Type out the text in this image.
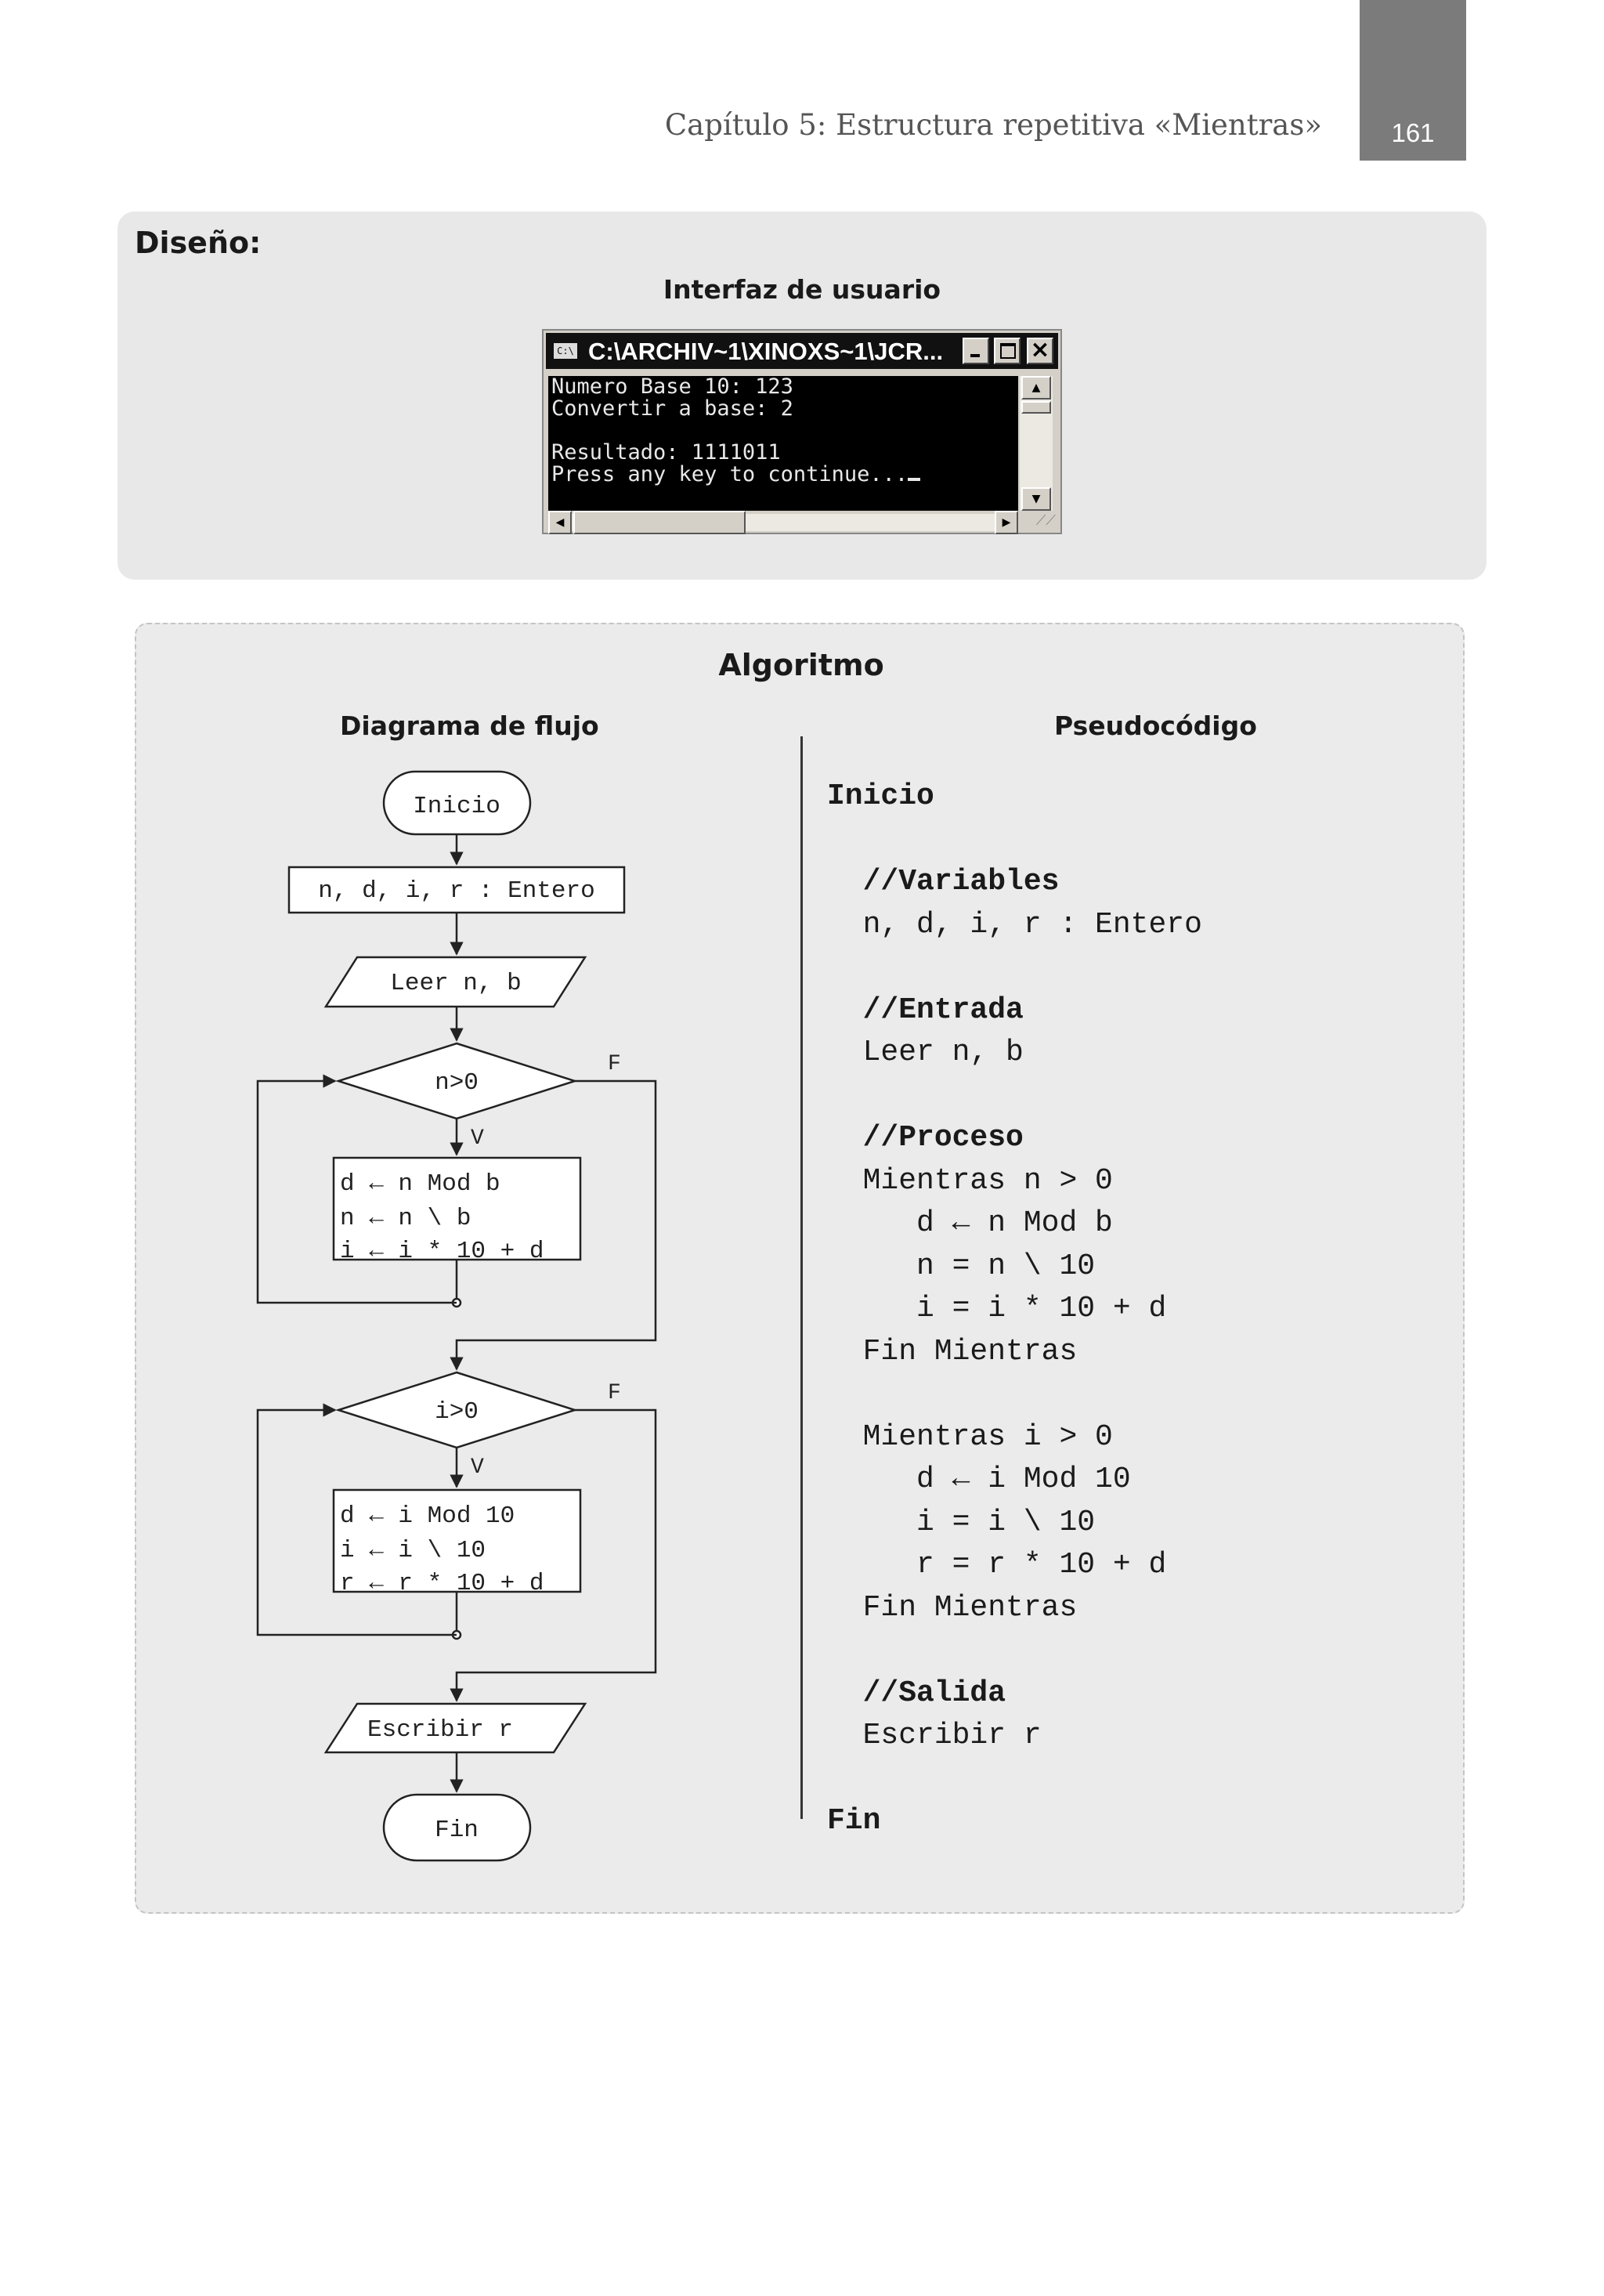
Capítulo 5: Estructura repetitiva «Mientras»	161
Diseño:
Interfaz de usuario
C:\ C:\ARCHIV~1\XINOXS~1\JCR...	×
Numero Base 10: 123
Convertir a base: 2
Resultado: 1111011
Press any key to continue...
▲
▼
◀	▶	⟋⟋
Algoritmo
Diagrama de flujo	Pseudocódigo
Inicio
n, d, i, r : Entero
Leer n, b
n>0
V
F
d ← n Mod b
n ← n \ b
i ← i * 10 + d
i>0
V
F
d ← i Mod 10
i ← i \ 10
r ← r * 10 + d
Escribir r
Fin
Inicio
//Variables
n, d, i, r : Entero
//Entrada
Leer n, b
//Proceso
Mientras n > 0
d ← n Mod b
n = n \ 10
i = i * 10 + d
Fin Mientras
Mientras i > 0
d ← i Mod 10
i = i \ 10
r = r * 10 + d
Fin Mientras
//Salida
Escribir r
Fin
